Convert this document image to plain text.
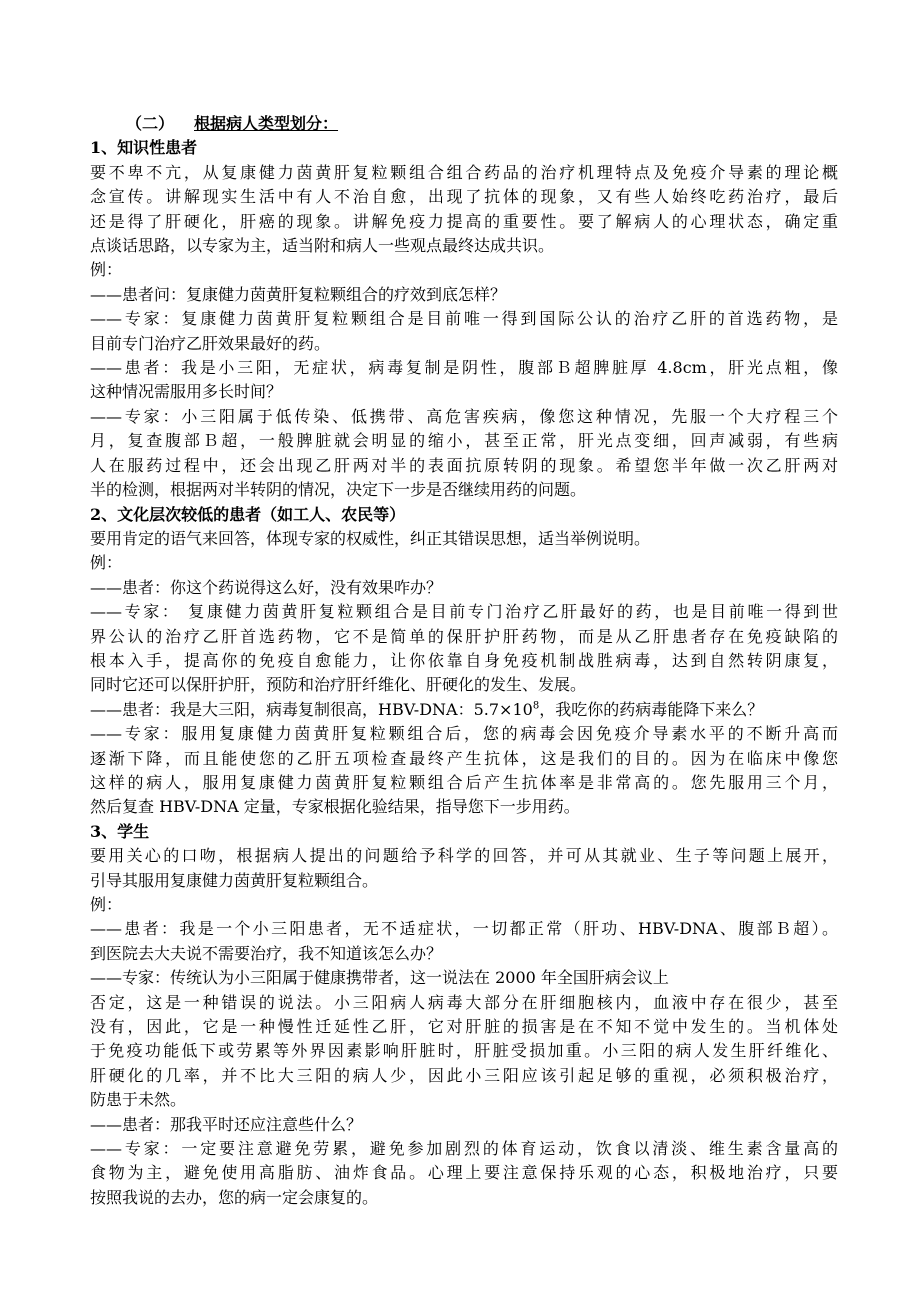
（二） 根据病人类型划分：
1、知识性患者
要不卑不亢，从复康健力茵黄肝复粒颗组合组合药品的治疗机理特点及免疫介导素的理论概
念宣传。讲解现实生活中有人不治自愈，出现了抗体的现象，又有些人始终吃药治疗，最后
还是得了肝硬化，肝癌的现象。讲解免疫力提高的重要性。要了解病人的心理状态，确定重
点谈话思路，以专家为主，适当附和病人一些观点最终达成共识。
例：
——患者问：复康健力茵黄肝复粒颗组合的疗效到底怎样？
——专家：复康健力茵黄肝复粒颗组合是目前唯一得到国际公认的治疗乙肝的首选药物，是
目前专门治疗乙肝效果最好的药。
——患者：我是小三阳，无症状，病毒复制是阴性，腹部Ｂ超脾脏厚 4.8cm，肝光点粗，像
这种情况需服用多长时间？
——专家：小三阳属于低传染、低携带、高危害疾病，像您这种情况，先服一个大疗程三个
月，复查腹部Ｂ超，一般脾脏就会明显的缩小，甚至正常，肝光点变细，回声减弱，有些病
人在服药过程中，还会出现乙肝两对半的表面抗原转阴的现象。希望您半年做一次乙肝两对
半的检测，根据两对半转阴的情况，决定下一步是否继续用药的问题。
2、文化层次较低的患者（如工人、农民等）
要用肯定的语气来回答，体现专家的权威性，纠正其错误思想，适当举例说明。
例：
——患者：你这个药说得这么好，没有效果咋办？
——专家： 复康健力茵黄肝复粒颗组合是目前专门治疗乙肝最好的药，也是目前唯一得到世
界公认的治疗乙肝首选药物，它不是简单的保肝护肝药物，而是从乙肝患者存在免疫缺陷的
根本入手，提高你的免疫自愈能力，让你依靠自身免疫机制战胜病毒，达到自然转阴康复，
同时它还可以保肝护肝，预防和治疗肝纤维化、肝硬化的发生、发展。
——患者：我是大三阳，病毒复制很高，HBV-DNA：$5.7\times 10^8$，我吃你的药病毒能降下来么？
——专家：服用复康健力茵黄肝复粒颗组合后，您的病毒会因免疫介导素水平的不断升高而
逐渐下降，而且能使您的乙肝五项检查最终产生抗体，这是我们的目的。因为在临床中像您
这样的病人，服用复康健力茵黄肝复粒颗组合后产生抗体率是非常高的。您先服用三个月，
然后复查 HBV-DNA 定量，专家根据化验结果，指导您下一步用药。
3、学生
要用关心的口吻，根据病人提出的问题给予科学的回答，并可从其就业、生子等问题上展开，
引导其服用复康健力茵黄肝复粒颗组合。
例：
——患者：我是一个小三阳患者，无不适症状，一切都正常（肝功、HBV-DNA、腹部Ｂ超）。
到医院去大夫说不需要治疗，我不知道该怎么办？
——专家：传统认为小三阳属于健康携带者，这一说法在 2000 年全国肝病会议上
否定，这是一种错误的说法。小三阳病人病毒大部分在肝细胞核内，血液中存在很少，甚至
没有，因此，它是一种慢性迁延性乙肝，它对肝脏的损害是在不知不觉中发生的。当机体处
于免疫功能低下或劳累等外界因素影响肝脏时，肝脏受损加重。小三阳的病人发生肝纤维化、
肝硬化的几率，并不比大三阳的病人少，因此小三阳应该引起足够的重视，必须积极治疗，
防患于未然。
——患者：那我平时还应注意些什么？
——专家：一定要注意避免劳累，避免参加剧烈的体育运动，饮食以清淡、维生素含量高的
食物为主，避免使用高脂肪、油炸食品。心理上要注意保持乐观的心态，积极地治疗，只要
按照我说的去办，您的病一定会康复的。
